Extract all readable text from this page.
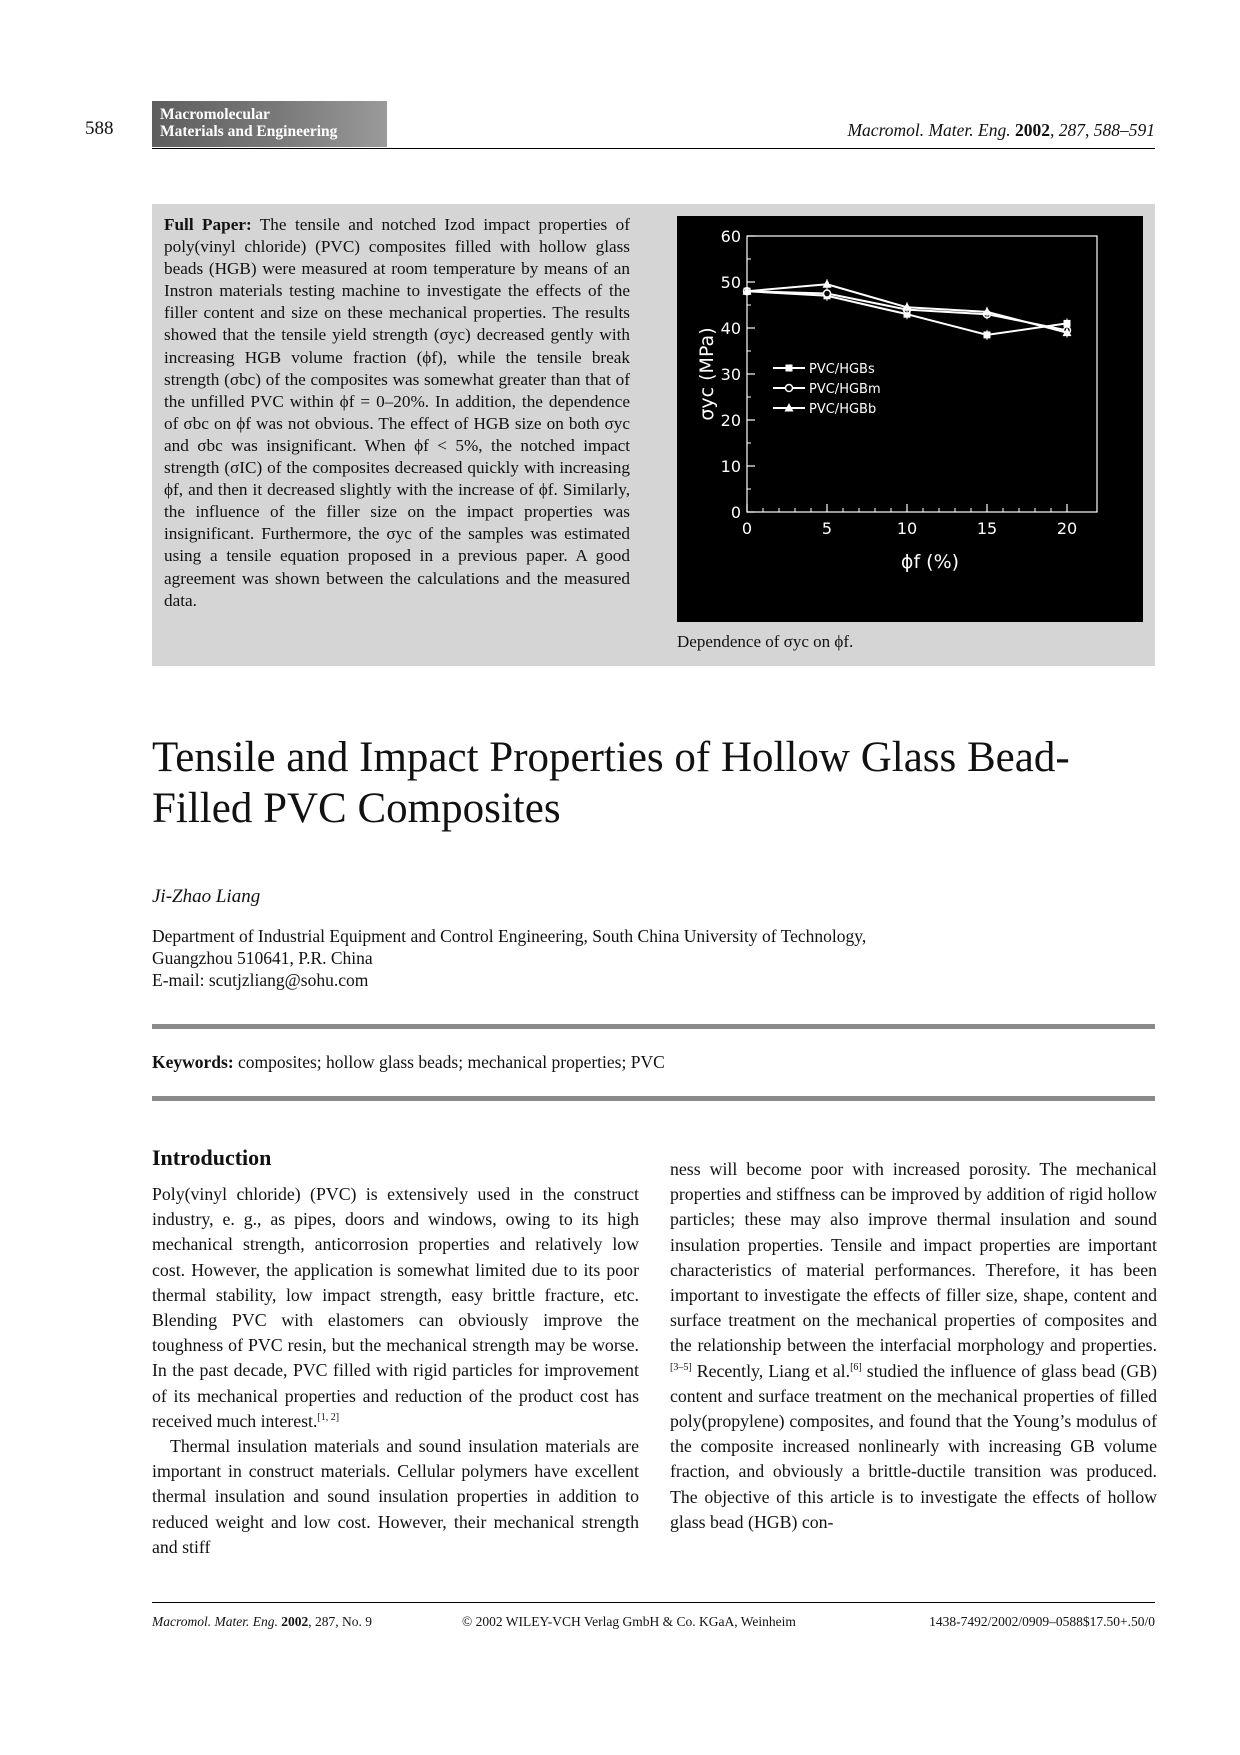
588
Macromolecular
Materials and Engineering	Macromol. Mater. Eng. 2002, 287, 588–591
Full Paper: The tensile and notched Izod impact properties of poly(vinyl chloride) (PVC) composites filled with hollow glass beads (HGB) were measured at room temperature by means of an Instron materials testing machine to investigate the effects of the filler content and size on these mechanical properties. The results showed that the tensile yield strength (σyc) decreased gently with increasing HGB volume fraction (ϕf), while the tensile break strength (σbc) of the composites was somewhat greater than that of the unfilled PVC within ϕf = 0–20%. In addition, the dependence of σbc on ϕf was not obvious. The effect of HGB size on both σyc and σbc was insignificant. When ϕf < 5%, the notched impact strength (σIC) of the composites decreased quickly with increasing ϕf, and then it decreased slightly with the increase of ϕf. Similarly, the influence of the filler size on the impact properties was insignificant. Furthermore, the σyc of the samples was estimated using a tensile equation proposed in a previous paper. A good agreement was shown between the calculations and the measured data.
0
10
20
30
40
50
60
0	5	10	15	20
σyc (MPa)
ϕf (%)
PVC/HGBs
PVC/HGBm
PVC/HGBb
Dependence of σyc on ϕf.
Tensile and Impact Properties of Hollow Glass Bead-Filled PVC Composites
Ji-Zhao Liang
Department of Industrial Equipment and Control Engineering, South China University of Technology,
Guangzhou 510641, P.R. China
E-mail: scutjzliang@sohu.com
Keywords: composites; hollow glass beads; mechanical properties; PVC
Introduction
Poly(vinyl chloride) (PVC) is extensively used in the construct industry, e. g., as pipes, doors and windows, owing to its high mechanical strength, anticorrosion properties and relatively low cost. However, the application is somewhat limited due to its poor thermal stability, low impact strength, easy brittle fracture, etc. Blending PVC with elastomers can obviously improve the toughness of PVC resin, but the mechanical strength may be worse. In the past decade, PVC filled with rigid particles for improvement of its mechanical properties and reduction of the product cost has received much interest.[1, 2]
Thermal insulation materials and sound insulation materials are important in construct materials. Cellular polymers have excellent thermal insulation and sound insulation properties in addition to reduced weight and low cost. However, their mechanical strength and stiff
ness will become poor with increased porosity. The mechanical properties and stiffness can be improved by addition of rigid hollow particles; these may also improve thermal insulation and sound insulation properties. Tensile and impact properties are important characteristics of material performances. Therefore, it has been important to investigate the effects of filler size, shape, content and surface treatment on the mechanical properties of composites and the relationship between the interfacial morphology and properties.[3–5] Recently, Liang et al.[6] studied the influence of glass bead (GB) content and surface treatment on the mechanical properties of filled poly(propylene) composites, and found that the Young’s modulus of the composite increased nonlinearly with increasing GB volume fraction, and obviously a brittle-ductile transition was produced. The objective of this article is to investigate the effects of hollow glass bead (HGB) con-
Macromol. Mater. Eng. 2002, 287, No. 9	© 2002 WILEY-VCH Verlag GmbH & Co. KGaA, Weinheim	1438-7492/2002/0909–0588$17.50+.50/0
